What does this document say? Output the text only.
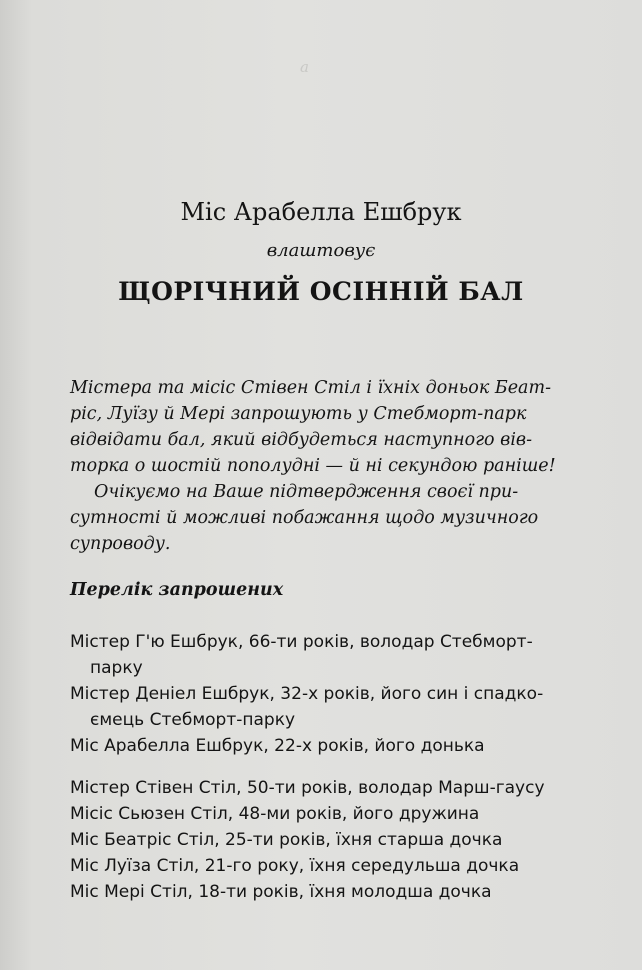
a

Міс Арабелла Ешбрук
влаштовує
ЩОРІЧНИЙ ОСІННІЙ БАЛ

Містера та місіс Стівен Стіл і їхніх доньок Беат-
ріс, Луїзу й Мері запрошують у Стебморт-парк
відвідати бал, який відбудеться наступного вів-
торка о шостій пополудні — й ні секундою раніше!

Очікуємо на Ваше підтвердження своєї при-
сутності й можливі побажання щодо музичного
супроводу.

Перелік запрошених
Містер Г'ю Ешбрук, 66-ти років, володар Стебморт-
парку
Містер Деніел Ешбрук, 32-х років, його син і спадко-
ємець Стебморт-парку
Міс Арабелла Ешбрук, 22-х років, його донька
Містер Стівен Стіл, 50-ти років, володар Марш-гаусу
Місіс Сьюзен Стіл, 48-ми років, його дружина
Міс Беатріс Стіл, 25-ти років, їхня старша дочка
Міс Луїза Стіл, 21-го року, їхня середульша дочка
Міс Мері Стіл, 18-ти років, їхня молодша дочка
